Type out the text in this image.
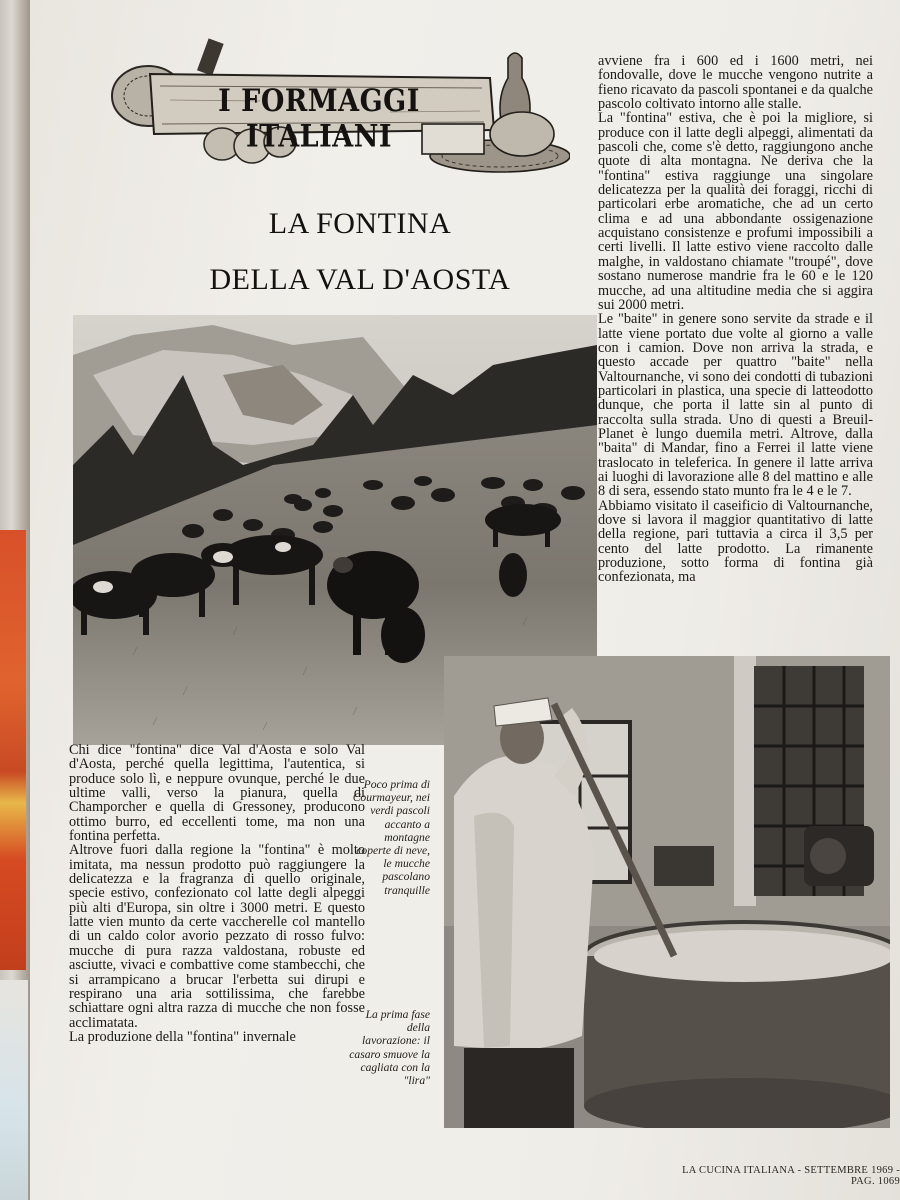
I FORMAGGI ITALIANI
LA FONTINA
DELLA VAL D'AOSTA

avviene fra i 600 ed i 1600 metri, nei fondovalle, dove le mucche vengono nutrite a fieno ricavato da pascoli spontanei e da qualche pascolo coltivato intorno alle stalle.

La "fontina" estiva, che è poi la migliore, si produce con il latte degli alpeggi, alimentati da pascoli che, come s'è detto, raggiungono anche quote di alta montagna. Ne deriva che la "fontina" estiva raggiunge una singolare delicatezza per la qualità dei foraggi, ricchi di particolari erbe aromatiche, che ad un certo clima e ad una abbondante ossigenazione acquistano consistenze e profumi impossibili a certi livelli. Il latte estivo viene raccolto dalle malghe, in valdostano chiamate "troupé", dove sostano numerose mandrie fra le 60 e le 120 mucche, ad una altitudine media che si aggira sui 2000 metri.

Le "baite" in genere sono servite da strade e il latte viene portato due volte al giorno a valle con i camion. Dove non arriva la strada, e questo accade per quattro "baite" nella Valtournanche, vi sono dei condotti di tubazioni particolari in plastica, una specie di latteodotto dunque, che porta il latte sin al punto di raccolta sulla strada. Uno di questi a Breuil-Planet è lungo duemila metri. Altrove, dalla "baita" di Mandar, fino a Ferrei il latte viene traslocato in teleferica. In genere il latte arriva ai luoghi di lavorazione alle 8 del mattino e alle 8 di sera, essendo stato munto fra le 4 e le 7.

Abbiamo visitato il caseificio di Valtournanche, dove si lavora il maggior quantitativo di latte della regione, pari tuttavia a circa il 3,5 per cento del latte prodotto. La rimanente produzione, sotto forma di fontina già confezionata, ma

Poco prima di Courmayeur, nei verdi pascoli accanto a montagne coperte di neve, le mucche pascolano tranquille
La prima fase della lavorazione: il casaro smuove la cagliata con la "lira"

Chi dice "fontina" dice Val d'Aosta e solo Val d'Aosta, perché quella legittima, l'autentica, si produce solo lì, e neppure ovunque, perché le due ultime valli, verso la pianura, quella di Champorcher e quella di Gressoney, producono ottimo burro, ed eccellenti tome, ma non una fontina perfetta.

Altrove fuori dalla regione la "fontina" è molto imitata, ma nessun prodotto può raggiungere la delicatezza e la fragranza di quello originale, specie estivo, confezionato col latte degli alpeggi più alti d'Europa, sin oltre i 3000 metri. E questo latte vien munto da certe vaccherelle col mantello di un caldo color avorio pezzato di rosso fulvo: mucche di pura razza valdostana, robuste ed asciutte, vivaci e combattive come stambecchi, che si arrampicano a brucar l'erbetta sui dirupi e respirano una aria sottilissima, che farebbe schiattare ogni altra razza di mucche che non fosse acclimatata.

La produzione della "fontina" invernale

LA CUCINA ITALIANA - SETTEMBRE 1969 - PAG. 1069
